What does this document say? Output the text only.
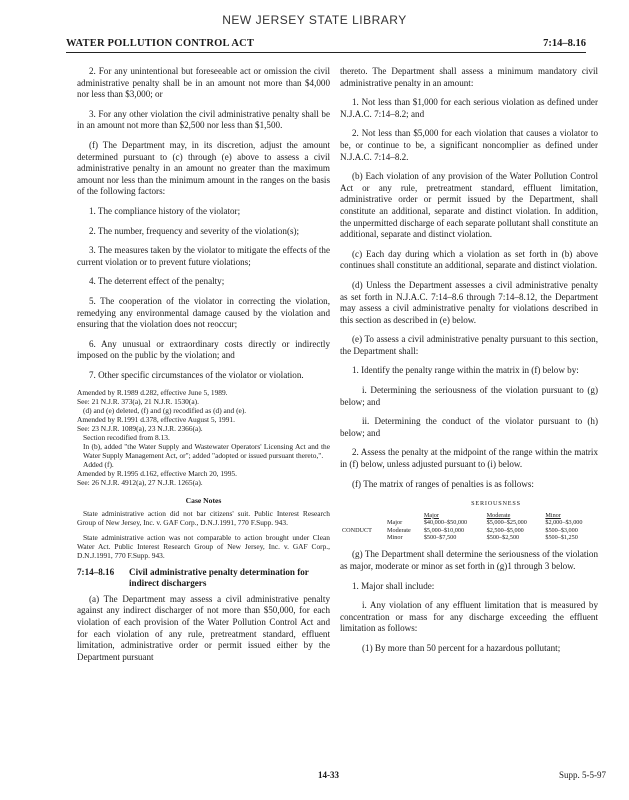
NEW JERSEY STATE LIBRARY
WATER POLLUTION CONTROL ACT	7:14–8.16

2. For any unintentional but foreseeable act or omission the civil administrative penalty shall be in an amount not more than $4,000 nor less than $3,000; or

3. For any other violation the civil administrative penalty shall be in an amount not more than $2,500 nor less than $1,500.

(f) The Department may, in its discretion, adjust the amount determined pursuant to (c) through (e) above to assess a civil administrative penalty in an amount no greater than the maximum amount nor less than the minimum amount in the ranges on the basis of the following factors:

1. The compliance history of the violator;

2. The number, frequency and severity of the violation(s);

3. The measures taken by the violator to mitigate the effects of the current violation or to prevent future violations;

4. The deterrent effect of the penalty;

5. The cooperation of the violator in correcting the violation, remedying any environmental damage caused by the violation and ensuring that the violation does not reoccur;

6. Any unusual or extraordinary costs directly or indirectly imposed on the public by the violation; and

7. Other specific circumstances of the violator or violation.

Amended by R.1989 d.282, effective June 5, 1989.

See: 21 N.J.R. 373(a), 21 N.J.R. 1530(a).

(d) and (e) deleted, (f) and (g) recodified as (d) and (e).

Amended by R.1991 d.378, effective August 5, 1991.

See: 23 N.J.R. 1089(a), 23 N.J.R. 2366(a).

Section recodified from 8.13.

In (b), added "the Water Supply and Wastewater Operators' Licensing Act and the Water Supply Management Act, or"; added "adopted or issued pursuant thereto,".

Added (f).

Amended by R.1995 d.162, effective March 20, 1995.

See: 26 N.J.R. 4912(a), 27 N.J.R. 1265(a).

Case Notes

State administrative action did not bar citizens' suit. Public Interest Research Group of New Jersey, Inc. v. GAF Corp., D.N.J.1991, 770 F.Supp. 943.

State administrative action was not comparable to action brought under Clean Water Act. Public Interest Research Group of New Jersey, Inc. v. GAF Corp., D.N.J.1991, 770 F.Supp. 943.

7:14–8.16	Civil administrative penalty determination for indirect dischargers

(a) The Department may assess a civil administrative penalty against any indirect discharger of not more than $50,000, for each violation of each provision of the Water Pollution Control Act and for each violation of any rule, pretreatment standard, effluent limitation, administrative order or permit issued either by the Department pursuant

thereto. The Department shall assess a minimum mandatory civil administrative penalty in an amount:

1. Not less than $1,000 for each serious violation as defined under N.J.A.C. 7:14–8.2; and

2. Not less than $5,000 for each violation that causes a violator to be, or continue to be, a significant noncomplier as defined under N.J.A.C. 7:14–8.2.

(b) Each violation of any provision of the Water Pollution Control Act or any rule, pretreatment standard, effluent limitation, administrative order or permit issued by the Department, shall constitute an additional, separate and distinct violation. In addition, the unpermitted discharge of each separate pollutant shall constitute an additional, separate and distinct violation.

(c) Each day during which a violation as set forth in (b) above continues shall constitute an additional, separate and distinct violation.

(d) Unless the Department assesses a civil administrative penalty as set forth in N.J.A.C. 7:14–8.6 through 7:14–8.12, the Department may assess a civil administrative penalty for violations described in this section as described in (e) below.

(e) To assess a civil administrative penalty pursuant to this section, the Department shall:

1. Identify the penalty range within the matrix in (f) below by:

i. Determining the seriousness of the violation pursuant to (g) below; and

ii. Determining the conduct of the violator pursuant to (h) below; and

2. Assess the penalty at the midpoint of the range within the matrix in (f) below, unless adjusted pursuant to (i) below.

(f) The matrix of ranges of penalties is as follows:

SERIOUSNESS
		Major	Moderate	Minor
	Major	$40,000–$50,000	$5,000–$25,000	$2,000–$3,000
CONDUCT	Moderate	$5,000–$10,000	$2,500–$5,000	$500–$3,000
	Minor	$500–$7,500	$500–$2,500	$500–$1,250

(g) The Department shall determine the seriousness of the violation as major, moderate or minor as set forth in (g)1 through 3 below.

1. Major shall include:

i. Any violation of any effluent limitation that is measured by concentration or mass for any discharge exceeding the effluent limitation as follows:

(1) By more than 50 percent for a hazardous pollutant;

14-33	Supp. 5-5-97
